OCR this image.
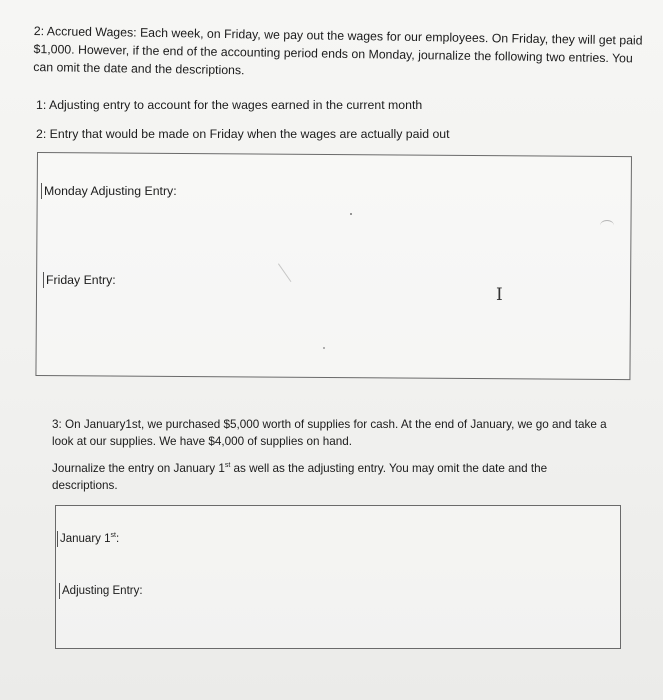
2: Accrued Wages: Each week, on Friday, we pay out the wages for our employees. On Friday, they will get paid $1,000. However, if the end of the accounting period ends on Monday, journalize the following two entries. You can omit the date and the descriptions.
1: Adjusting entry to account for the wages earned in the current month
2: Entry that would be made on Friday when the wages are actually paid out
Monday Adjusting Entry:
Friday Entry:
I
3: On January1st, we purchased $5,000 worth of supplies for cash. At the end of January, we go and take a look at our supplies. We have $4,000 of supplies on hand.
Journalize the entry on January 1st as well as the adjusting entry. You may omit the date and the descriptions.
January 1st:
Adjusting Entry:
